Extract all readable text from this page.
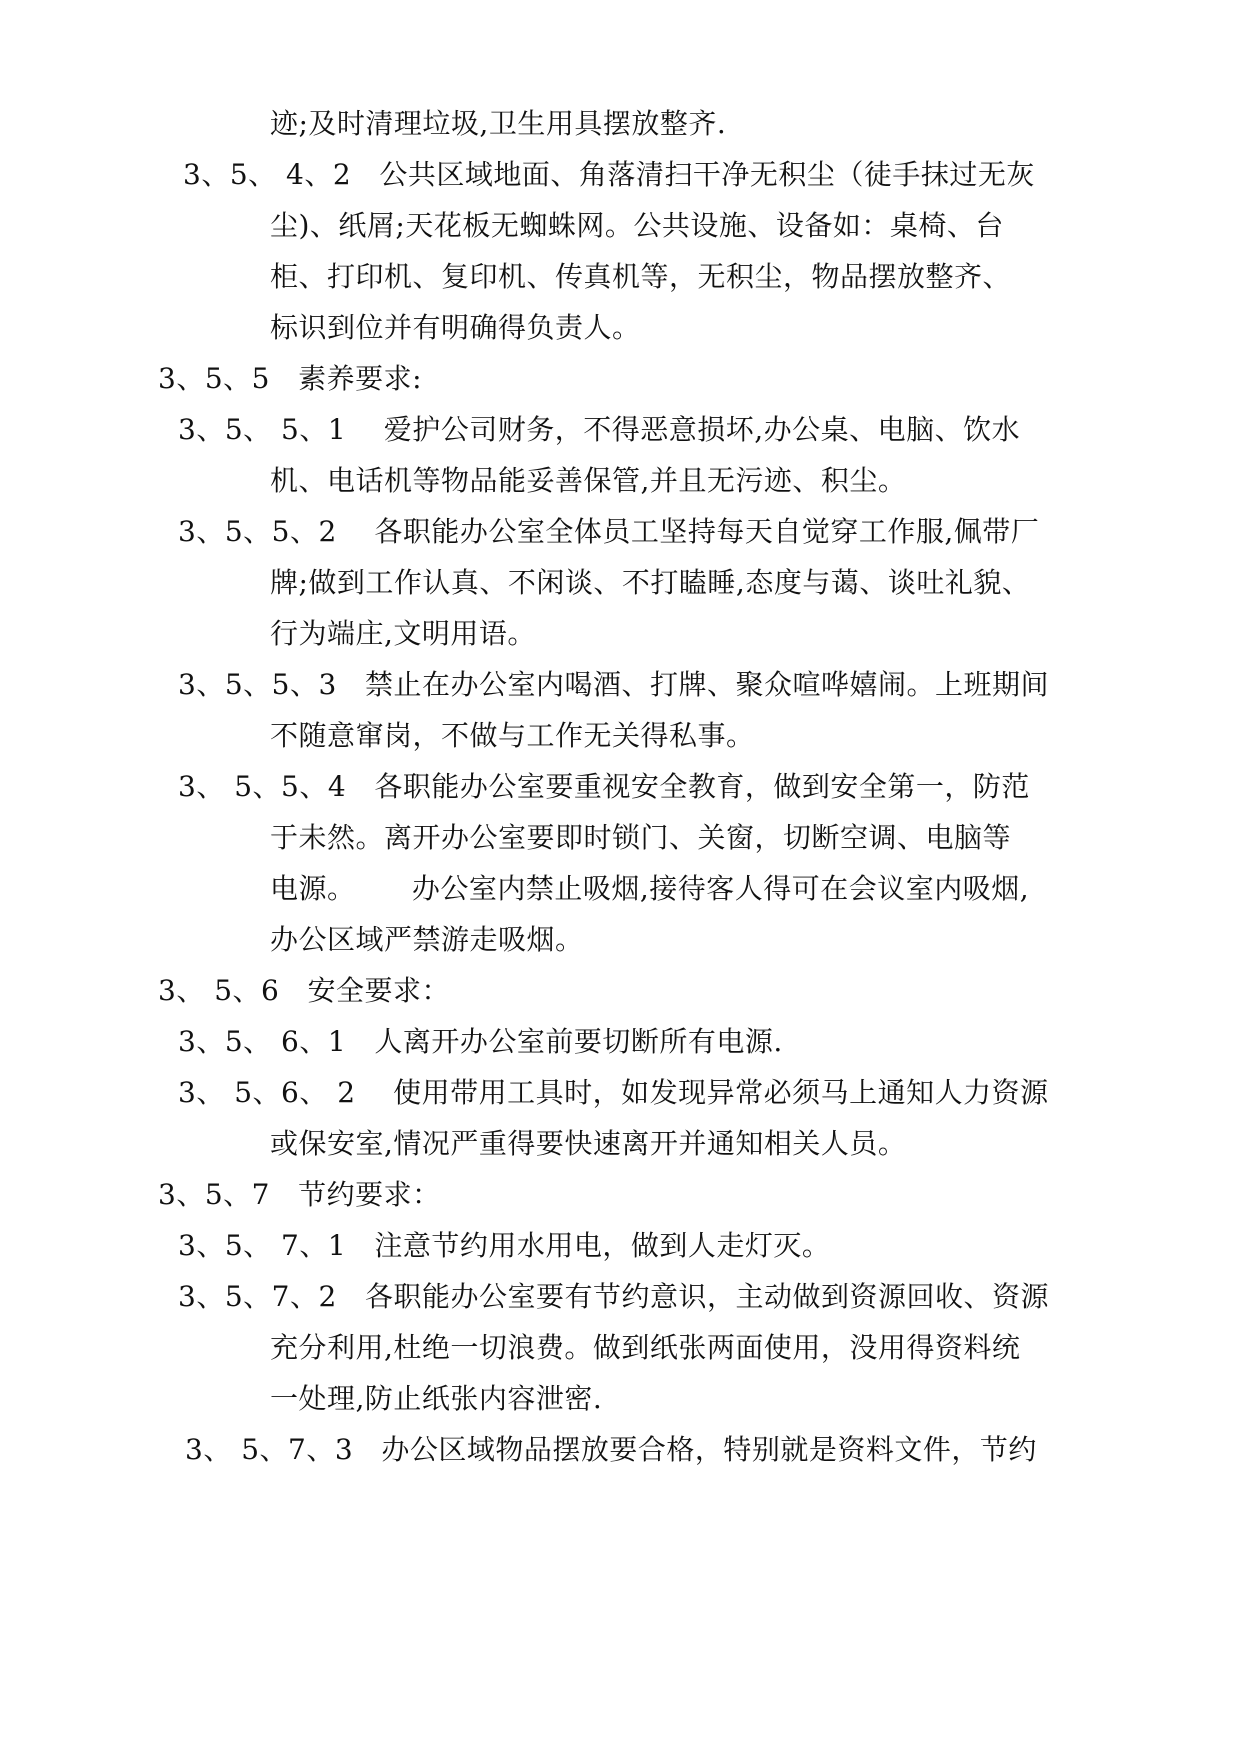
迹;及时清理垃圾,卫生用具摆放整齐.
3、5、 4、2   公共区域地面、角落清扫干净无积尘（徒手抹过无灰
尘)、纸屑;天花板无蜘蛛网。公共设施、设备如：桌椅、台
柜、打印机、复印机、传真机等，无积尘，物品摆放整齐、
标识到位并有明确得负责人。
3、5、5   素养要求:
3、5、 5、1    爱护公司财务，不得恶意损坏,办公桌、电脑、饮水
机、电话机等物品能妥善保管,并且无污迹、积尘。
3、5、5、2    各职能办公室全体员工坚持每天自觉穿工作服,佩带厂
牌;做到工作认真、不闲谈、不打瞌睡,态度与蔼、谈吐礼貌、
行为端庄,文明用语。
3、5、5、3   禁止在办公室内喝酒、打牌、聚众喧哗嬉闹。上班期间
不随意窜岗，不做与工作无关得私事。
3、 5、5、4   各职能办公室要重视安全教育，做到安全第一，防范
于未然。离开办公室要即时锁门、关窗，切断空调、电脑等
电源。      办公室内禁止吸烟,接待客人得可在会议室内吸烟,
办公区域严禁游走吸烟。
3、 5、6   安全要求：
3、5、 6、1   人离开办公室前要切断所有电源.
3、 5、6、 2    使用带用工具时，如发现异常必须马上通知人力资源
或保安室,情况严重得要快速离开并通知相关人员。
3、5、7   节约要求：
3、5、 7、1   注意节约用水用电，做到人走灯灭。
3、5、7、2   各职能办公室要有节约意识，主动做到资源回收、资源
充分利用,杜绝一切浪费。做到纸张两面使用，没用得资料统
一处理,防止纸张内容泄密.
3、 5、7、3   办公区域物品摆放要合格，特别就是资料文件，节约
